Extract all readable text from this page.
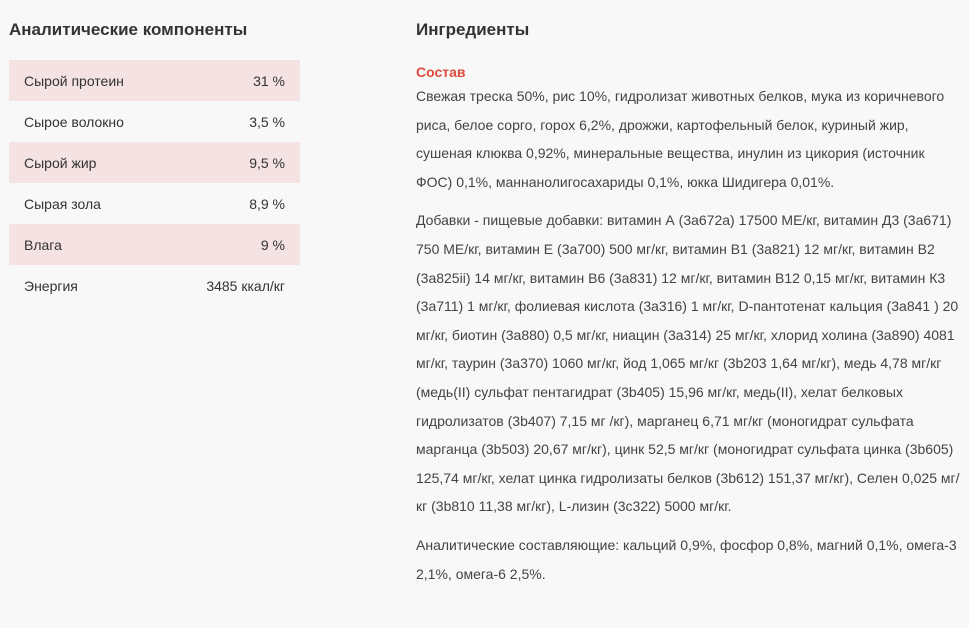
Аналитические компоненты
Сырой протеин	31 %
Сырое волокно	3,5 %
Сырой жир	9,5 %
Сырая зола	8,9 %
Влага	9 %
Энергия	3485 ккал/кг
Ингредиенты
Состав

Свежая треска 50%, рис 10%, гидролизат животных белков, мука из коричневого риса, белое сорго, горох 6,2%, дрожжи, картофельный белок, куриный жир, сушеная клюква 0,92%, минеральные вещества, инулин из цикория (источник ФОС) 0,1%, маннанолигосахариды 0,1%, юкка Шидигера 0,01%.

Добавки - пищевые добавки: витамин А (3а672а) 17500 МЕ/кг, витамин Д3 (3а671) 750 МЕ/кг, витамин Е (3а700) 500 мг/кг, витамин В1 (3а821) 12 мг/кг, витамин В2 (3а825ii) 14 мг/кг, витамин В6 (3а831) 12 мг/кг, витамин В12 0,15 мг/кг, витамин К3 (3а711) 1 мг/кг, фолиевая кислота (3а316) 1 мг/кг, D-пантотенат кальция (3а841 ) 20 мг/кг, биотин (3а880) 0,5 мг/кг, ниацин (3а314) 25 мг/кг, хлорид холина (3а890) 4081 мг/кг, таурин (3а370) 1060 мг/кг, йод 1,065 мг/кг (3b203 1,64 мг/кг), медь 4,78 мг/кг (медь(II) сульфат пентагидрат (3b405) 15,96 мг/кг, медь(II), хелат белковых гидролизатов (3b407) 7,15 мг /кг), марганец 6,71 мг/кг (моногидрат сульфата марганца (3b503) 20,67 мг/кг), цинк 52,5 мг/кг (моногидрат сульфата цинка (3b605) 125,74 мг/кг, хелат цинка гидролизаты белков (3b612) 151,37 мг/кг), Селен 0,025 мг/кг (3b810 11,38 мг/кг), L-лизин (3c322) 5000 мг/кг.

Аналитические составляющие: кальций 0,9%, фосфор 0,8%, магний 0,1%, омега-3 2,1%, омега-6 2,5%.
